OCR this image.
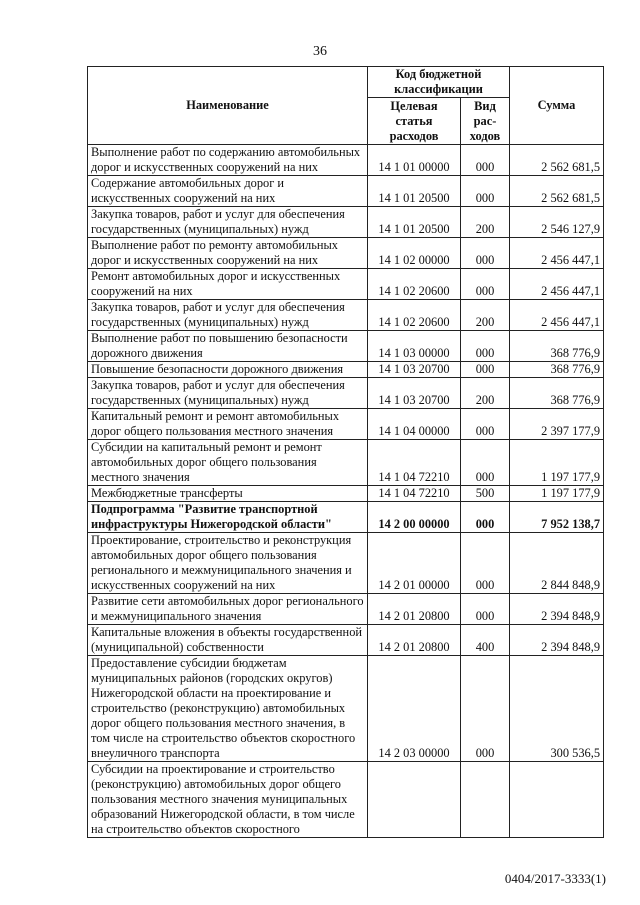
36
Наименование	Код бюджетной классификации		Сумма
	Целевая статья расходов	Вид рас-ходов	
Выполнение работ по содержанию автомобильных дорог и искусственных сооружений на них	14 1 01 00000	000	2 562 681,5
Содержание автомобильных дорог и искусственных сооружений на них	14 1 01 20500	000	2 562 681,5
Закупка товаров, работ и услуг для обеспечения государственных (муниципальных) нужд	14 1 01 20500	200	2 546 127,9
Выполнение работ по ремонту автомобильных дорог и искусственных сооружений на них	14 1 02 00000	000	2 456 447,1
Ремонт автомобильных дорог и искусственных сооружений на них	14 1 02 20600	000	2 456 447,1
Закупка товаров, работ и услуг для обеспечения государственных (муниципальных) нужд	14 1 02 20600	200	2 456 447,1
Выполнение работ по повышению безопасности дорожного движения	14 1 03 00000	000	368 776,9
Повышение безопасности дорожного движения	14 1 03 20700	000	368 776,9
Закупка товаров, работ и услуг для обеспечения государственных (муниципальных) нужд	14 1 03 20700	200	368 776,9
Капитальный ремонт и ремонт автомобильных дорог общего пользования местного значения	14 1 04 00000	000	2 397 177,9
Субсидии на капитальный ремонт и ремонт автомобильных дорог общего пользования местного значения	14 1 04 72210	000	1 197 177,9
Межбюджетные трансферты	14 1 04 72210	500	1 197 177,9
Подпрограмма "Развитие транспортной инфраструктуры Нижегородской области"	14 2 00 00000	000	7 952 138,7
Проектирование, строительство и реконструкция автомобильных дорог общего пользования регионального и межмуниципального значения и искусственных сооружений на них	14 2 01 00000	000	2 844 848,9
Развитие сети автомобильных дорог регионального и межмуниципального значения	14 2 01 20800	000	2 394 848,9
Капитальные вложения в объекты государственной (муниципальной) собственности	14 2 01 20800	400	2 394 848,9
Предоставление субсидии бюджетам муниципальных районов (городских округов) Нижегородской области на проектирование и строительство (реконструкцию) автомобильных дорог общего пользования местного значения, в том числе на строительство объектов скоростного внеуличного транспорта	14 2 03 00000	000	300 536,5
Субсидии на проектирование и строительство (реконструкцию) автомобильных дорог общего пользования местного значения муниципальных образований Нижегородской области, в том числе на строительство объектов скоростного			
0404/2017-3333(1)
